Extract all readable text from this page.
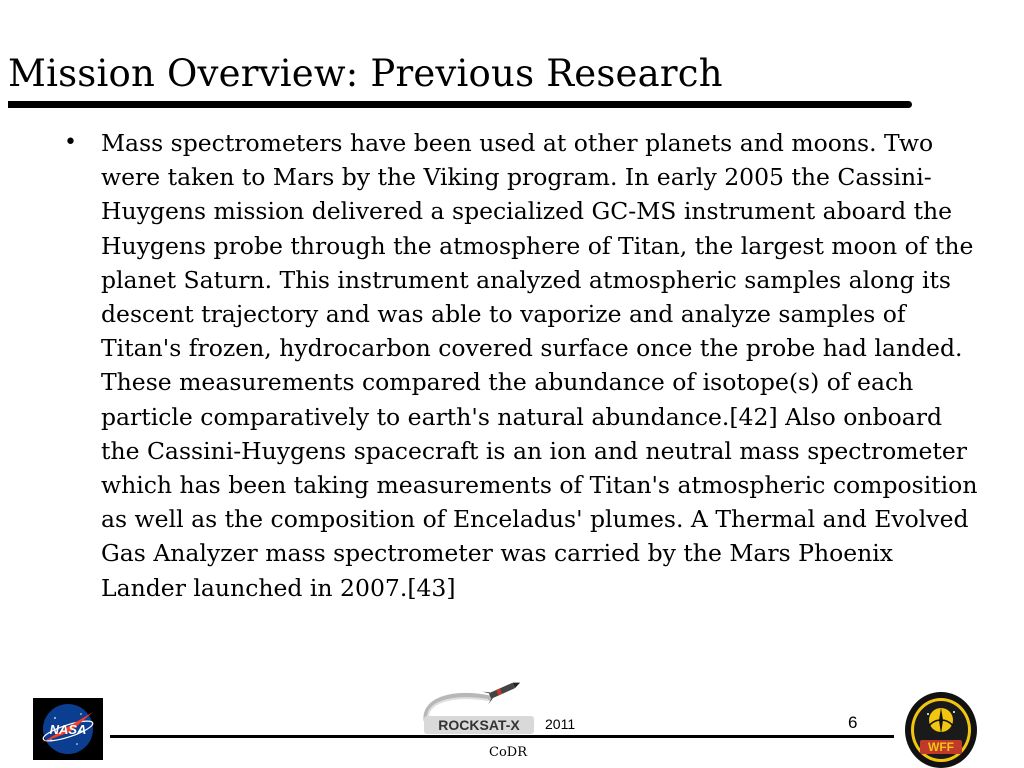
Mission Overview: Previous Research
• Mass spectrometers have been used at other planets and moons. Two were taken to Mars by the Viking program. In early 2005 the Cassini-Huygens mission delivered a specialized GC-MS instrument aboard the Huygens probe through the atmosphere of Titan, the largest moon of the planet Saturn. This instrument analyzed atmospheric samples along its descent trajectory and was able to vaporize and analyze samples of Titan's frozen, hydrocarbon covered surface once the probe had landed. These measurements compared the abundance of isotope(s) of each particle comparatively to earth's natural abundance.[42] Also onboard the Cassini-Huygens spacecraft is an ion and neutral mass spectrometer which has been taking measurements of Titan's atmospheric composition as well as the composition of Enceladus' plumes. A Thermal and Evolved Gas Analyzer mass spectrometer was carried by the Mars Phoenix Lander launched in 2007.[43]
NASA	ROCKSAT-X 2011	6
CoDR	WFF
